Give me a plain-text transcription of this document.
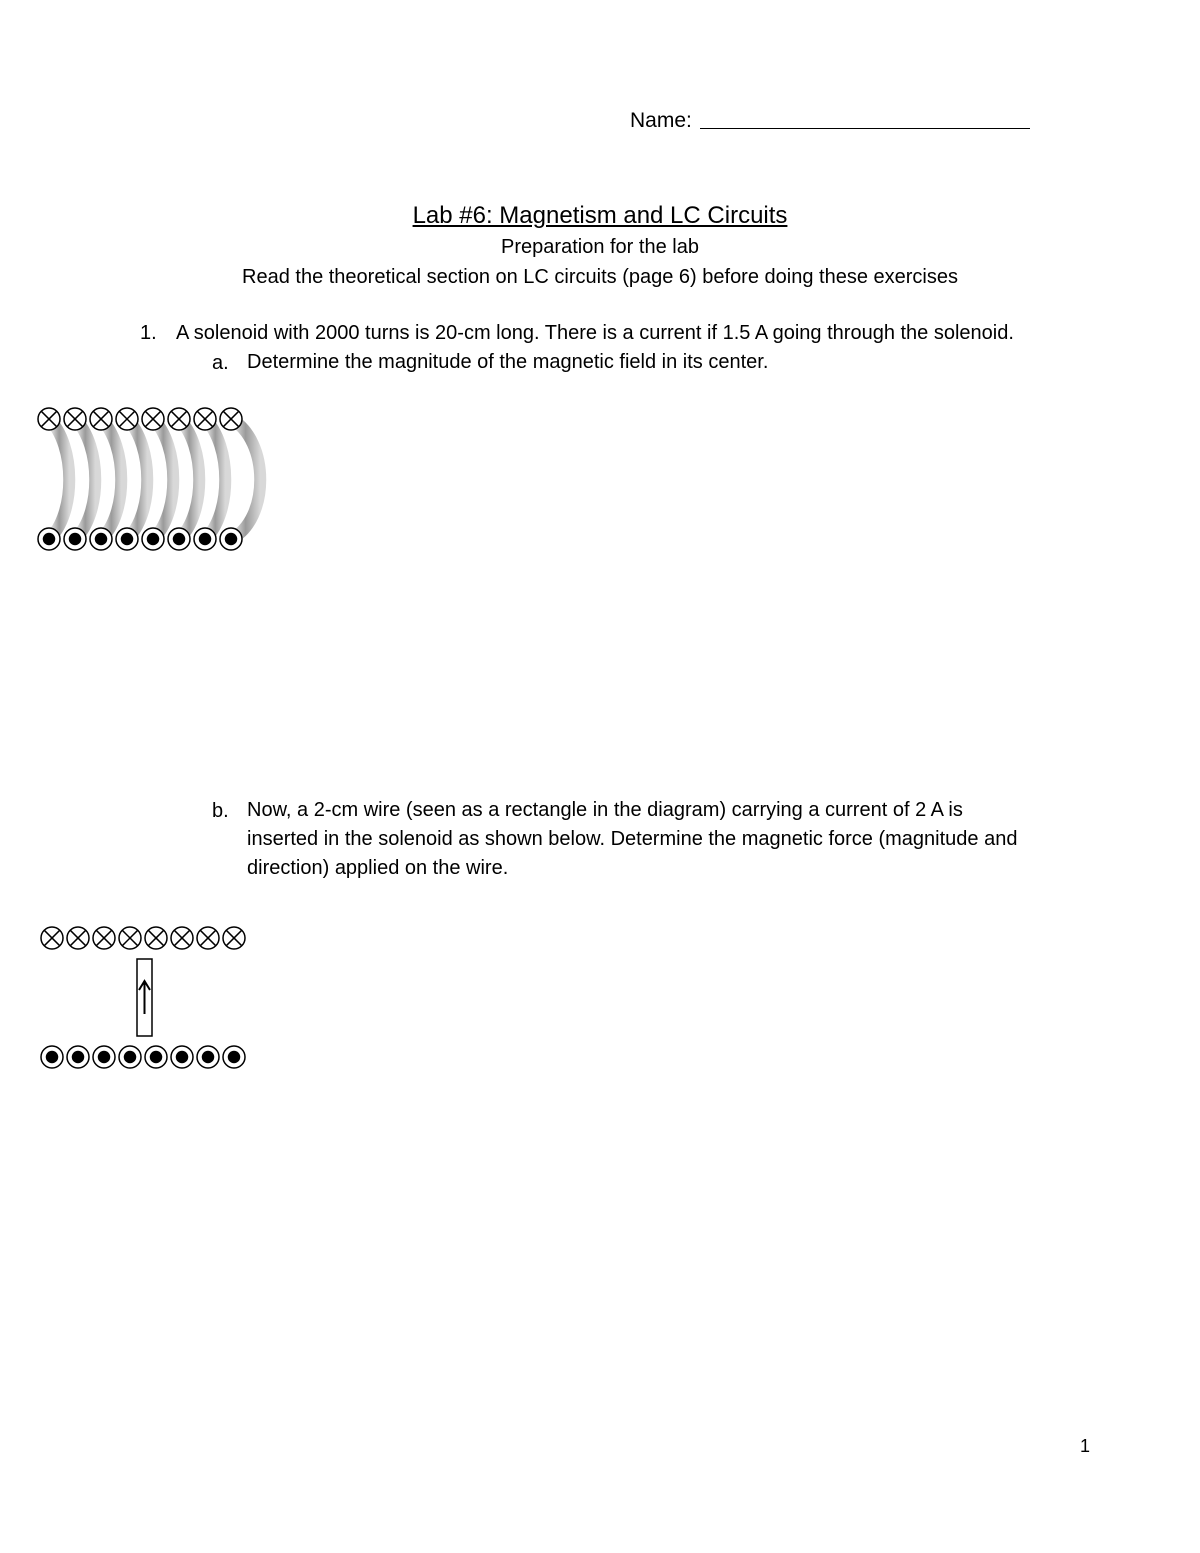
Name:
Lab #6: Magnetism and LC Circuits
Preparation for the lab
Read the theoretical section on LC circuits (page 6) before doing these exercises
1. A solenoid with 2000 turns is 20-cm long. There is a current if 1.5 A going through the solenoid.
a. Determine the magnitude of the magnetic field in its center.
b. Now, a 2-cm wire (seen as a rectangle in the diagram) carrying a current of 2 A is
inserted in the solenoid as shown below. Determine the magnetic force (magnitude and
direction) applied on the wire.
1
